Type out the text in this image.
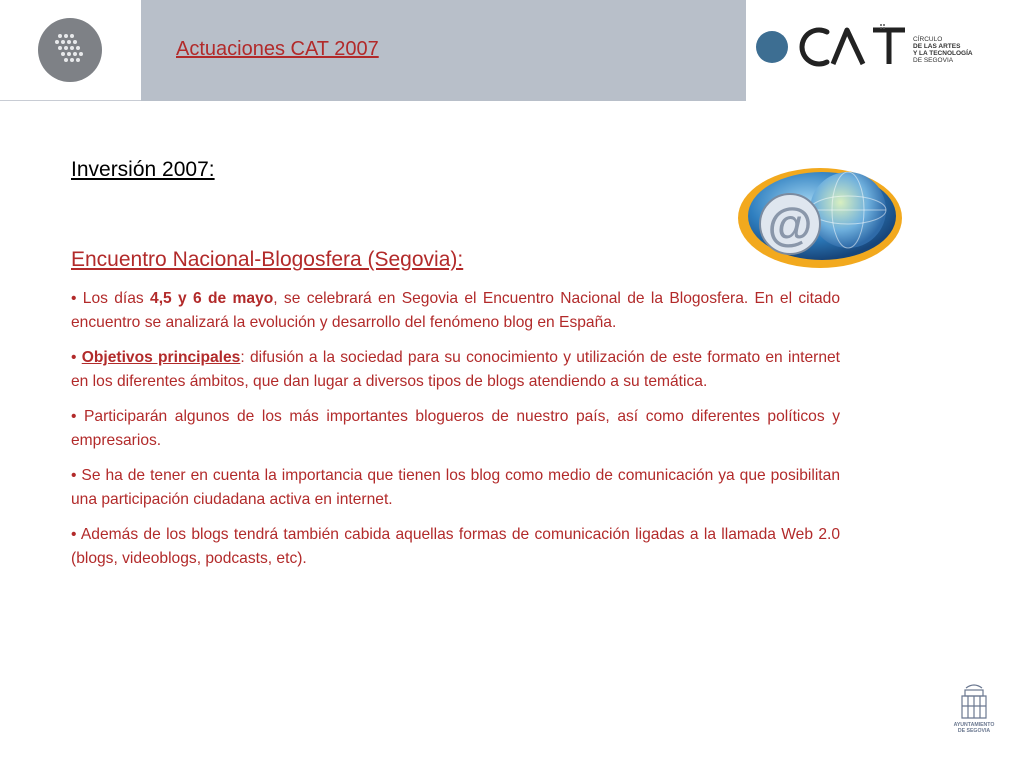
Actuaciones CAT 2007	CÍRCULO
DE LAS ARTES
Y LA TECNOLOGÍA
DE SEGOVIA
Inversión 2007:
@
Encuentro Nacional-Blogosfera (Segovia):

• Los días 4,5 y 6 de mayo, se celebrará en Segovia el Encuentro Nacional de la Blogosfera. En el citado encuentro se analizará la evolución y desarrollo del fenómeno blog en España.

• Objetivos principales: difusión a la sociedad para su conocimiento y utilización de este formato en internet en los diferentes ámbitos, que dan lugar a diversos tipos de blogs atendiendo a su temática.

• Participarán algunos de los más importantes blogueros de nuestro país, así como diferentes políticos y empresarios.

• Se ha de tener en cuenta la importancia que tienen los blog como medio de comunicación ya que posibilitan una participación ciudadana activa en internet.

• Además de los blogs tendrá también cabida aquellas formas de comunicación ligadas a la llamada Web 2.0 (blogs, videoblogs, podcasts, etc).

AYUNTAMIENTO
DE SEGOVIA
